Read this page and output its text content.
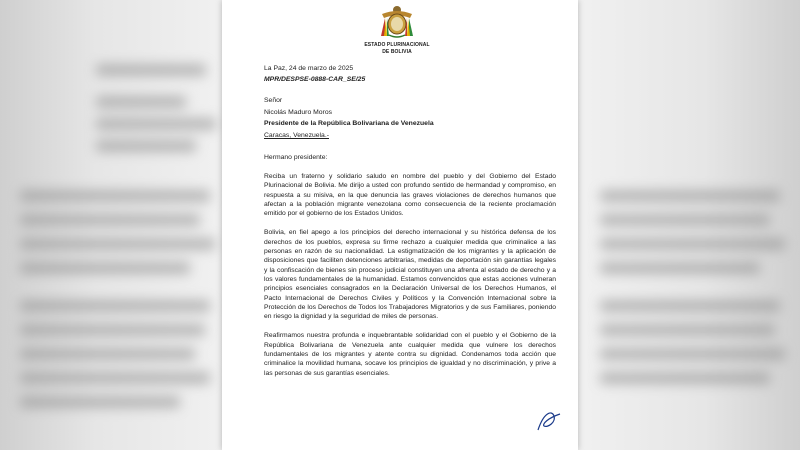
ESTADO PLURINACIONAL
DE BOLIVIA
La Paz, 24 de marzo de 2025
MPR/DESPSE-0888-CAR_SE/25
Señor
Nicolás Maduro Moros
Presidente de la República Bolivariana de Venezuela
Caracas, Venezuela.-
Hermano presidente:

Reciba un fraterno y solidario saludo en nombre del pueblo y del Gobierno del Estado Plurinacional de Bolivia. Me dirijo a usted con profundo sentido de hermandad y compromiso, en respuesta a su misiva, en la que denuncia las graves violaciones de derechos humanos que afectan a la población migrante venezolana como consecuencia de la reciente proclamación emitido por el gobierno de los Estados Unidos.

Bolivia, en fiel apego a los principios del derecho internacional y su histórica defensa de los derechos de los pueblos, expresa su firme rechazo a cualquier medida que criminalice a las personas en razón de su nacionalidad. La estigmatización de los migrantes y la aplicación de disposiciones que faciliten detenciones arbitrarias, medidas de deportación sin garantías legales y la confiscación de bienes sin proceso judicial constituyen una afrenta al estado de derecho y a los valores fundamentales de la humanidad. Estamos convencidos que estas acciones vulneran principios esenciales consagrados en la Declaración Universal de los Derechos Humanos, el Pacto Internacional de Derechos Civiles y Políticos y la Convención Internacional sobre la Protección de los Derechos de Todos los Trabajadores Migratorios y de sus Familiares, poniendo en riesgo la dignidad y la seguridad de miles de personas.

Reafirmamos nuestra profunda e inquebrantable solidaridad con el pueblo y el Gobierno de la República Bolivariana de Venezuela ante cualquier medida que vulnere los derechos fundamentales de los migrantes y atente contra su dignidad. Condenamos toda acción que criminalice la movilidad humana, socave los principios de igualdad y no discriminación, y prive a las personas de sus garantías esenciales.
